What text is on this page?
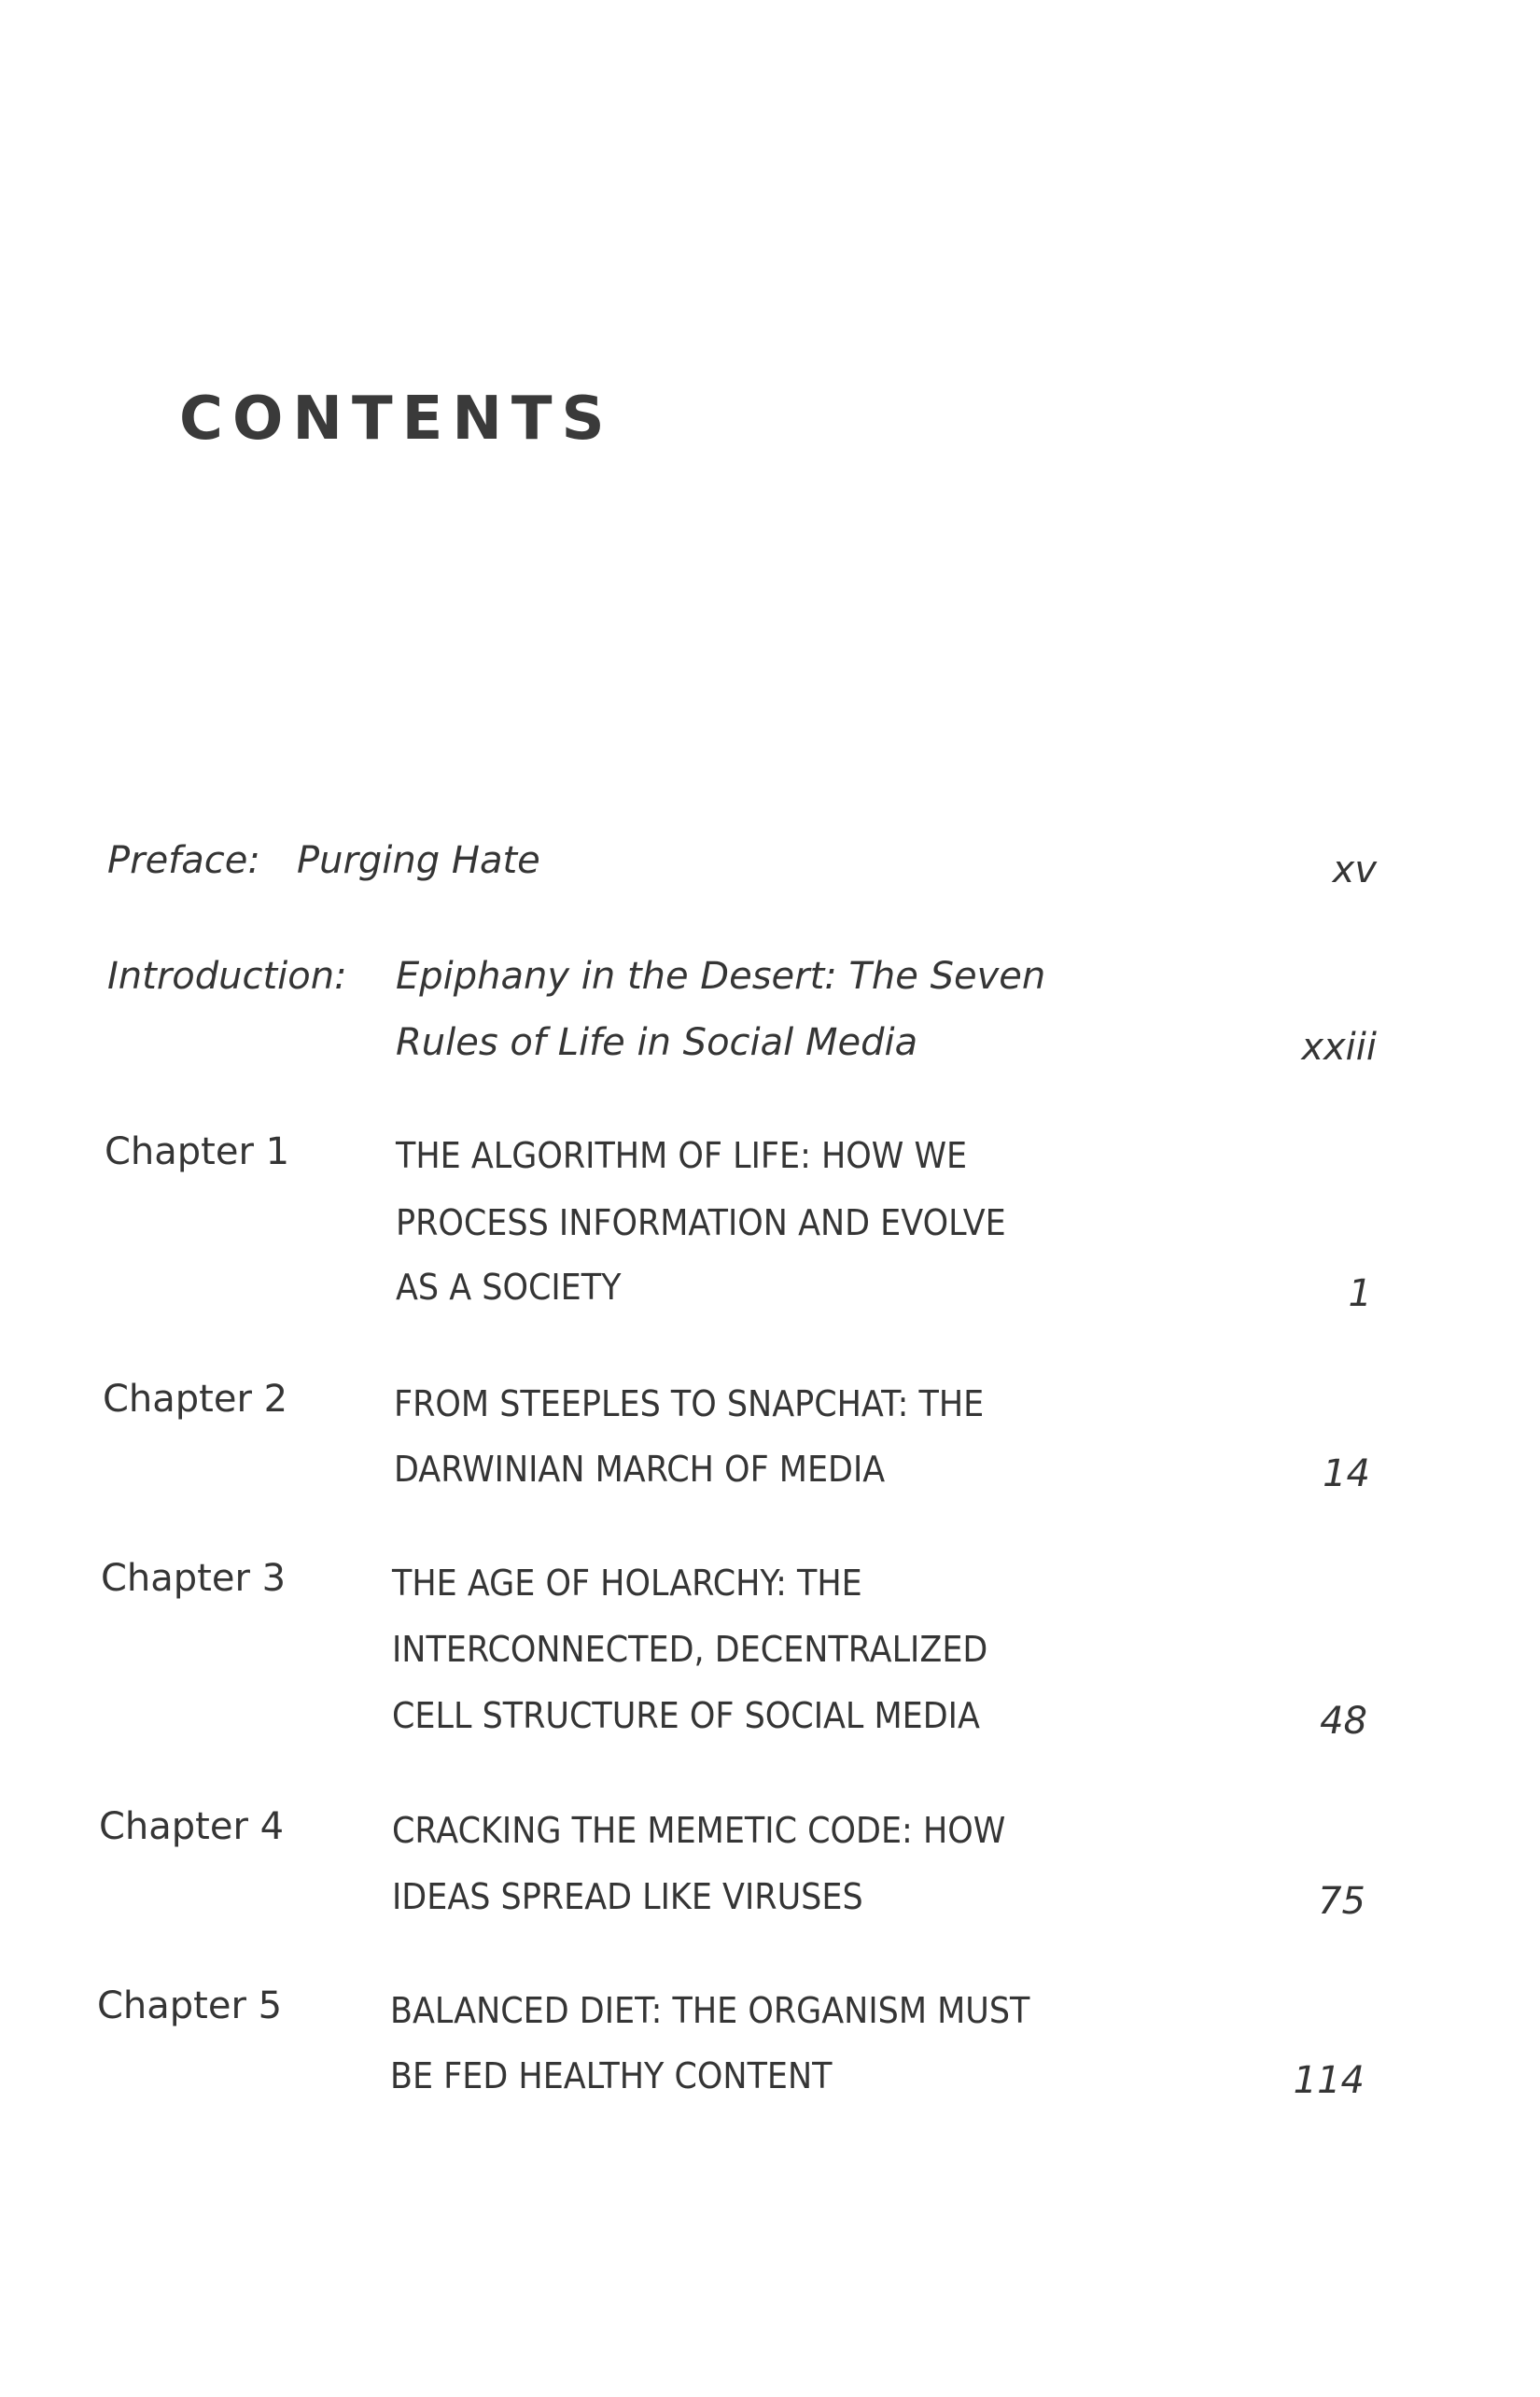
CONTENTS
Preface: Purging Hate	xv
Introduction: Epiphany in the Desert: The Seven
Rules of Life in Social Media	xxiii
Chapter 1	THE ALGORITHM OF LIFE: HOW WE
PROCESS INFORMATION AND EVOLVE
AS A SOCIETY	1
Chapter 2	FROM STEEPLES TO SNAPCHAT: THE
DARWINIAN MARCH OF MEDIA	14
Chapter 3	THE AGE OF HOLARCHY: THE
INTERCONNECTED, DECENTRALIZED
CELL STRUCTURE OF SOCIAL MEDIA	48
Chapter 4	CRACKING THE MEMETIC CODE: HOW
IDEAS SPREAD LIKE VIRUSES	75
Chapter 5	BALANCED DIET: THE ORGANISM MUST
BE FED HEALTHY CONTENT	114
